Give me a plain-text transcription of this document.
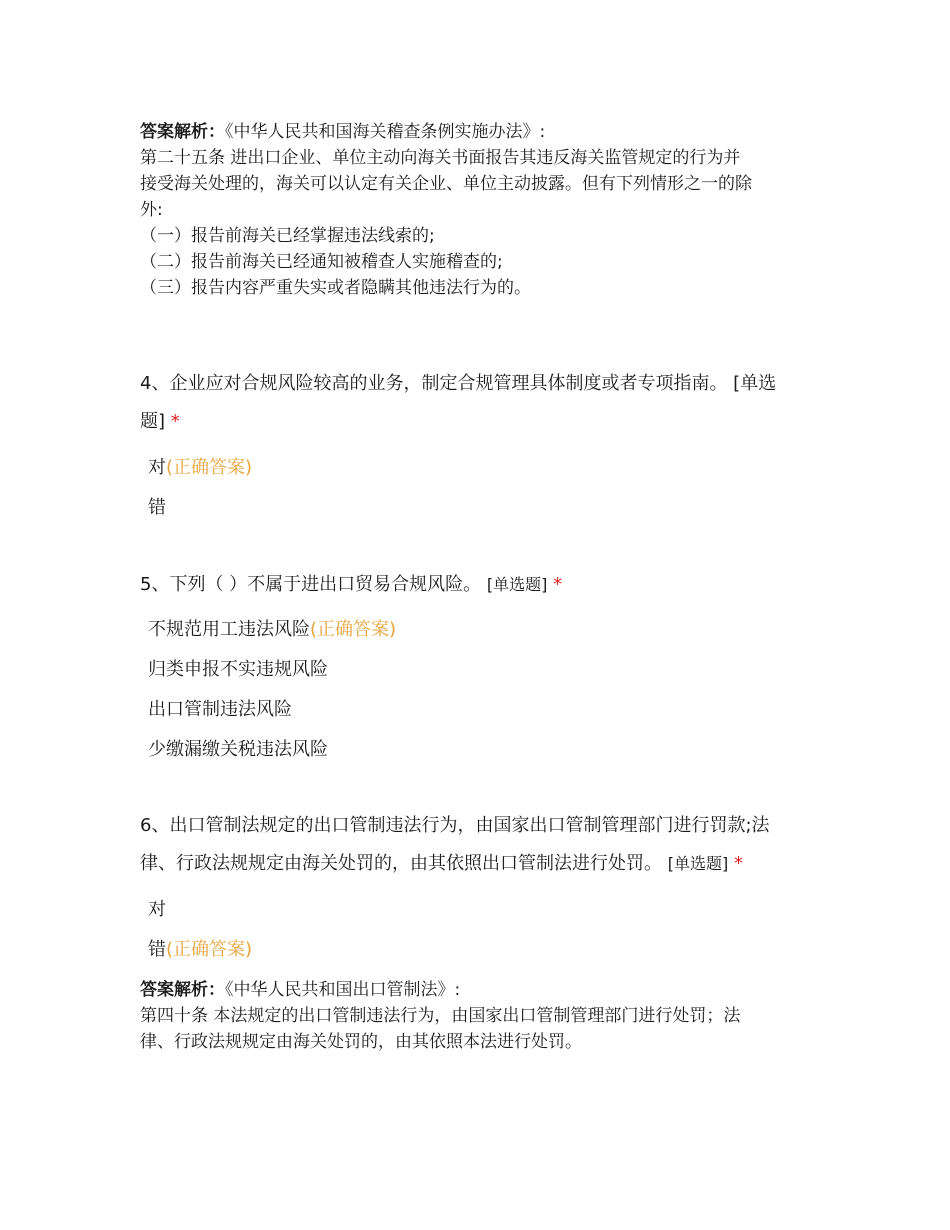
答案解析：《中华人民共和国海关稽查条例实施办法》:
第二十五条 进出口企业、单位主动向海关书面报告其违反海关监管规定的行为并
接受海关处理的，海关可以认定有关企业、单位主动披露。但有下列情形之一的除
外:
（一）报告前海关已经掌握违法线索的;
（二）报告前海关已经通知被稽查人实施稽查的;
（三）报告内容严重失实或者隐瞒其他违法行为的。
4、企业应对合规风险较高的业务，制定合规管理具体制度或者专项指南。 [单选
题] *
对(正确答案)
错
5、下列（ ）不属于进出口贸易合规风险。 [单选题] *
不规范用工违法风险(正确答案)
归类申报不实违规风险
出口管制违法风险
少缴漏缴关税违法风险
6、出口管制法规定的出口管制违法行为，由国家出口管制管理部门进行罚款;法
律、行政法规规定由海关处罚的，由其依照出口管制法进行处罚。 [单选题] *
对
错(正确答案)
答案解析：《中华人民共和国出口管制法》:
第四十条 本法规定的出口管制违法行为，由国家出口管制管理部门进行处罚；法
律、行政法规规定由海关处罚的，由其依照本法进行处罚。
